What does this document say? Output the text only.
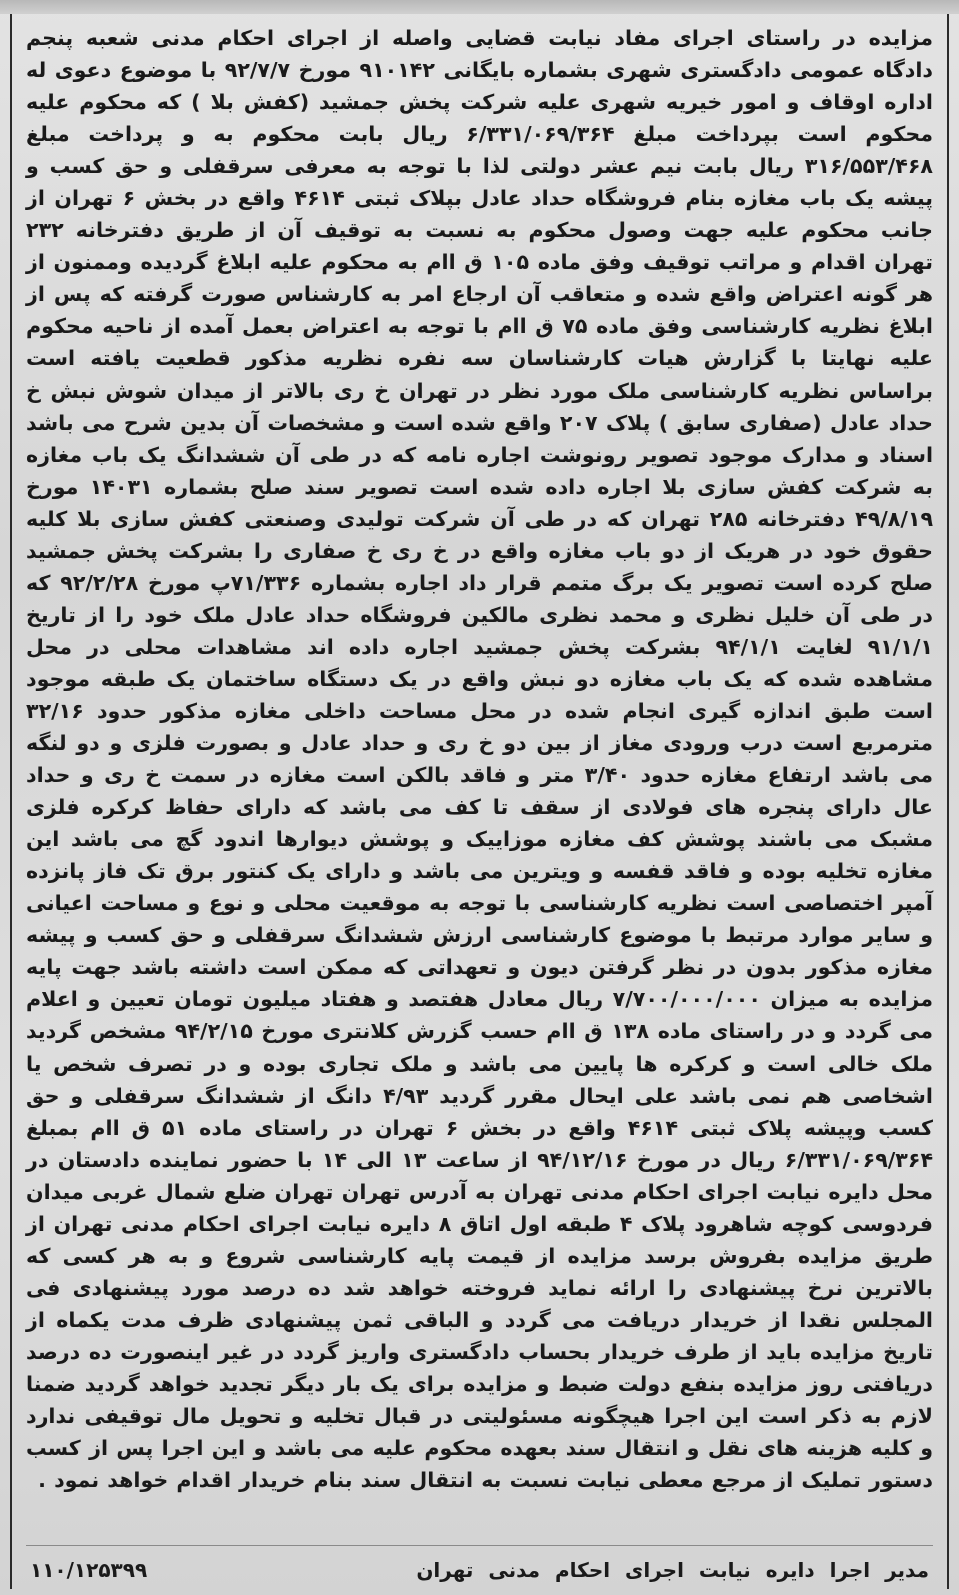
مزایده در راستای اجرای مفاد نیابت قضایی واصله از اجرای احکام مدنی شعبه پنجم دادگاه عمومی دادگستری شهری بشماره بایگانی ۹۱۰۱۴۲ مورخ ۹۲/۷/۷ با موضوع دعوی له اداره اوقاف و امور خیریه شهری علیه شرکت پخش جمشید (کفش بلا ) که محکوم علیه محکوم است بپرداخت مبلغ ۶/۳۳۱/۰۶۹/۳۶۴ ریال بابت محکوم به و پرداخت مبلغ ۳۱۶/۵۵۳/۴۶۸ ریال بابت نیم عشر دولتی لذا با توجه به معرفی سرقفلی و حق کسب و پیشه یک باب مغازه بنام فروشگاه حداد عادل بپلاک ثبتی ۴۶۱۴ واقع در بخش ۶ تهران از جانب محکوم علیه جهت وصول محکوم به نسبت به توقیف آن از طریق دفترخانه ۲۳۲ تهران اقدام و مراتب توقیف وفق ماده ۱۰۵ ق اام به محکوم علیه ابلاغ گردیده وممنون از هر گونه اعتراض واقع شده و متعاقب آن ارجاع امر به کارشناس صورت گرفته که پس از ابلاغ نظریه کارشناسی وفق ماده ۷۵ ق اام با توجه به اعتراض بعمل آمده از ناحیه محکوم علیه نهایتا با گزارش هیات کارشناسان سه نفره نظریه مذکور قطعیت یافته است براساس نظریه کارشناسی ملک مورد نظر در تهران خ ری بالاتر از میدان شوش نبش خ حداد عادل (صفاری سابق ) پلاک ۲۰۷ واقع شده است و مشخصات آن بدین شرح می باشد اسناد و مدارک موجود تصویر رونوشت اجاره نامه که در طی آن ششدانگ یک باب مغازه به شرکت کفش سازی بلا اجاره داده شده است تصویر سند صلح بشماره ۱۴۰۳۱ مورخ ۴۹/۸/۱۹ دفترخانه ۲۸۵ تهران که در طی آن شرکت تولیدی وصنعتی کفش سازی بلا کلیه حقوق خود در هریک از دو باب مغازه واقع در خ ری خ صفاری را بشرکت پخش جمشید صلح کرده است تصویر یک برگ متمم قرار داد اجاره بشماره ۷۱/۳۳۶پ مورخ ۹۲/۲/۲۸ که در طی آن خلیل نظری و محمد نظری مالکین فروشگاه حداد عادل ملک خود را از تاریخ ۹۱/۱/۱ لغایت ۹۴/۱/۱ بشرکت پخش جمشید اجاره داده اند مشاهدات محلی در محل مشاهده شده که یک باب مغازه دو نبش واقع در یک دستگاه ساختمان یک طبقه موجود است طبق اندازه گیری انجام شده در محل مساحت داخلی مغازه مذکور حدود ۳۲/۱۶ مترمربع است درب ورودی مغاز از بین دو خ ری و حداد عادل و بصورت فلزی و دو لنگه می باشد ارتفاع مغازه حدود ۳/۴۰ متر و فاقد بالکن است مغازه در سمت خ ری و حداد عال دارای پنجره های فولادی از سقف تا کف می باشد که دارای حفاظ کرکره فلزی مشبک می باشند پوشش کف مغازه موزاییک و پوشش دیوارها اندود گچ می باشد این مغازه تخلیه بوده و فاقد قفسه و ویترین می باشد و دارای یک کنتور برق تک فاز پانزده آمپر اختصاصی است نظریه کارشناسی با توجه به موقعیت محلی و نوع و مساحت اعیانی و سایر موارد مرتبط با موضوع کارشناسی ارزش ششدانگ سرقفلی و حق کسب و پیشه مغازه مذکور بدون در نظر گرفتن دیون و تعهداتی که ممکن است داشته باشد جهت پایه مزایده به میزان ۷/۷۰۰/۰۰۰/۰۰۰ ریال معادل هفتصد و هفتاد میلیون تومان تعیین و اعلام می گردد و در راستای ماده ۱۳۸ ق اام حسب گزرش کلانتری مورخ ۹۴/۲/۱۵ مشخص گردید ملک خالی است و کرکره ها پایین می باشد و ملک تجاری بوده و در تصرف شخص یا اشخاصی هم نمی باشد علی ایحال مقرر گردید ۴/۹۳ دانگ از ششدانگ سرقفلی و حق کسب وپیشه پلاک ثبتی ۴۶۱۴ واقع در بخش ۶ تهران در راستای ماده ۵۱ ق اام بمبلغ ۶/۳۳۱/۰۶۹/۳۶۴ ریال در مورخ ۹۴/۱۲/۱۶ از ساعت ۱۳ الی ۱۴ با حضور نماینده دادستان در محل دایره نیابت اجرای احکام مدنی تهران به آدرس تهران تهران ضلع شمال غربی میدان فردوسی کوچه شاهرود پلاک ۴ طبقه اول اتاق ۸ دایره نیابت اجرای احکام مدنی تهران از طریق مزایده بفروش برسد مزایده از قیمت پایه کارشناسی شروع و به هر کسی که بالاترین نرخ پیشنهادی را ارائه نماید فروخته خواهد شد ده درصد مورد پیشنهادی فی المجلس نقدا از خریدار دریافت می گردد و الباقی ثمن پیشنهادی ظرف مدت یکماه از تاریخ مزایده باید از طرف خریدار بحساب دادگستری واریز گردد در غیر اینصورت ده درصد دریافتی روز مزایده بنفع دولت ضبط و مزایده برای یک بار دیگر تجدید خواهد گردید ضمنا لازم به ذکر است این اجرا هیچگونه مسئولیتی در قبال تخلیه و تحویل مال توقیفی ندارد و کلیه هزینه های نقل و انتقال سند بعهده محکوم علیه می باشد و این اجرا پس از کسب دستور تملیک از مرجع معطی نیابت نسبت به انتقال سند بنام خریدار اقدام خواهد نمود .
مدیر اجرا دایره نیابت اجرای احکام مدنی تهران
۱۱۰/۱۲۵۳۹۹
